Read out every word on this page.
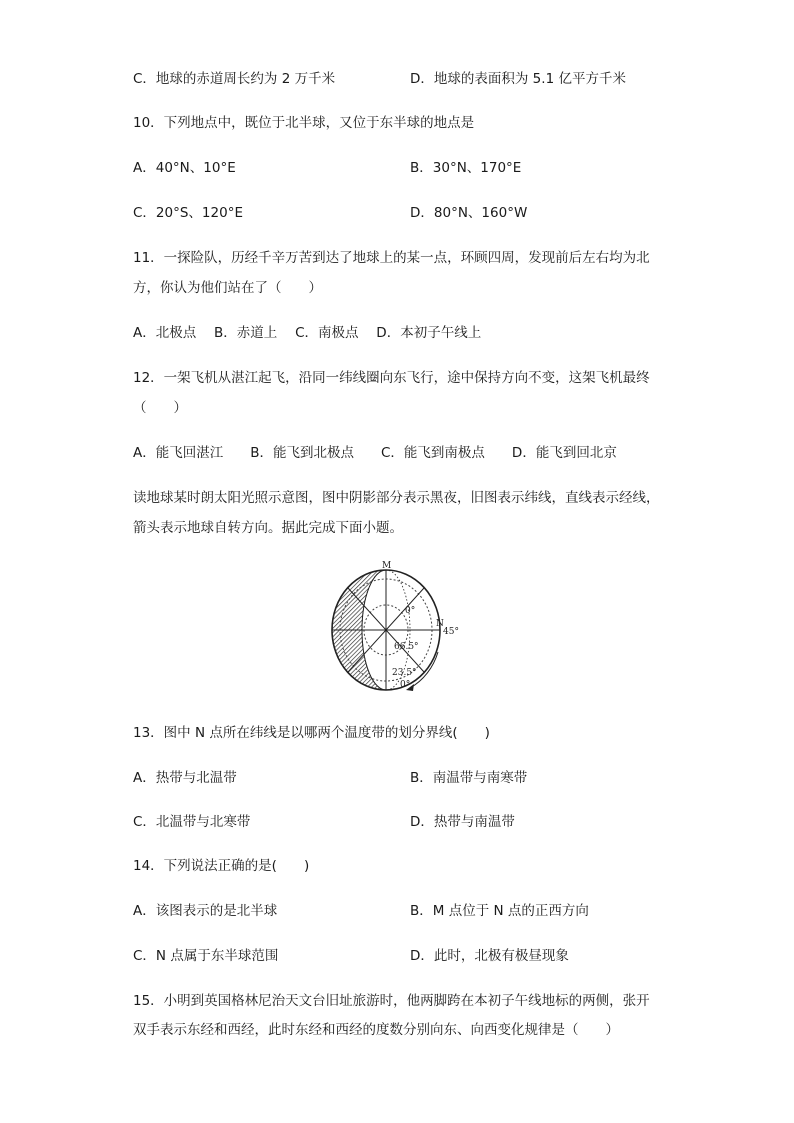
C．地球的赤道周长约为 2 万千米	D．地球的表面积为 5.1 亿平方千米
10．下列地点中，既位于北半球，又位于东半球的地点是
A．40°N、10°E	B．30°N、170°E
C．20°S、120°E	D．80°N、160°W
11．一探险队，历经千辛万苦到达了地球上的某一点，环顾四周，发现前后左右均为北
方，你认为他们站在了（　　）
A．北极点　 B．赤道上　 C．南极点　 D．本初子午线上
12．一架飞机从湛江起飞，沿同一纬线圈向东飞行，途中保持方向不变，这架飞机最终
（　　）
A．能飞回湛江　　B．能飞到北极点　　C．能飞到南极点　　D．能飞到回北京
读地球某时朗太阳光照示意图，图中阴影部分表示黑夜，旧图表示纬线，直线表示经线，
箭头表示地球自转方向。据此完成下面小题。
M
0°
N
45°
66.5°
23.5°
0°
13．图中 N 点所在纬线是以哪两个温度带的划分界线(　　)
A．热带与北温带	B．南温带与南寒带
C．北温带与北寒带	D．热带与南温带
14．下列说法正确的是(　　)
A．该图表示的是北半球	B．M 点位于 N 点的正西方向
C．N 点属于东半球范围	D．此时，北极有极昼现象
15．小明到英国格林尼治天文台旧址旅游时，他两脚跨在本初子午线地标的两侧，张开
双手表示东经和西经，此时东经和西经的度数分别向东、向西变化规律是（　　）
